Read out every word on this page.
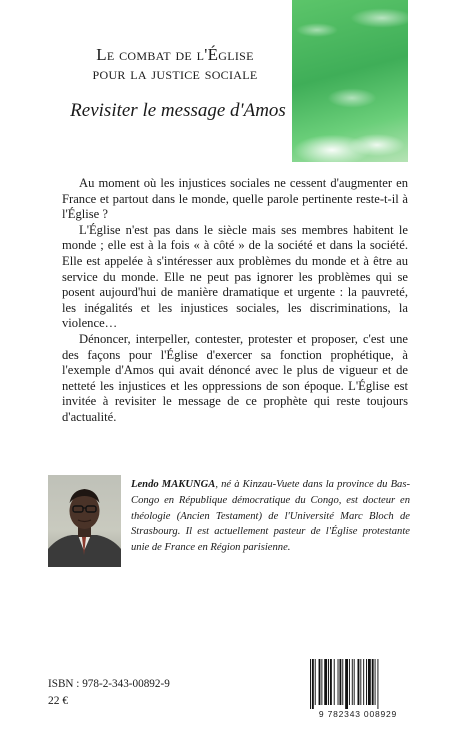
Le combat de l'Église
pour la justice sociale
Revisiter le message d'Amos

Au moment où les injustices sociales ne cessent d'augmenter en France et partout dans le monde, quelle parole pertinente reste-t-il à l'Église ?

L'Église n'est pas dans le siècle mais ses membres habitent le monde ; elle est à la fois « à côté » de la société et dans la société. Elle est appelée à s'intéresser aux problèmes du monde et à être au service du monde. Elle ne peut pas ignorer les problèmes qui se posent aujourd'hui de manière dramatique et urgente : la pauvreté, les inégalités et les injustices sociales, les discriminations, la violence…

Dénoncer, interpeller, contester, protester et proposer, c'est une des façons pour l'Église d'exercer sa fonction prophétique, à l'exemple d'Amos qui avait dénoncé avec le plus de vigueur et de netteté les injustices et les oppressions de son époque. L'Église est invitée à revisiter le message de ce prophète qui reste toujours d'actualité.

Lendo MAKUNGA, né à Kinzau-Vuete dans la province du Bas-Congo en République démocratique du Congo, est docteur en théologie (Ancien Testament) de l'Université Marc Bloch de Strasbourg. Il est actuellement pasteur de l'Église protestante unie de France en Région parisienne.
ISBN : 978-2-343-00892-9
22 €
9 782343 008929
